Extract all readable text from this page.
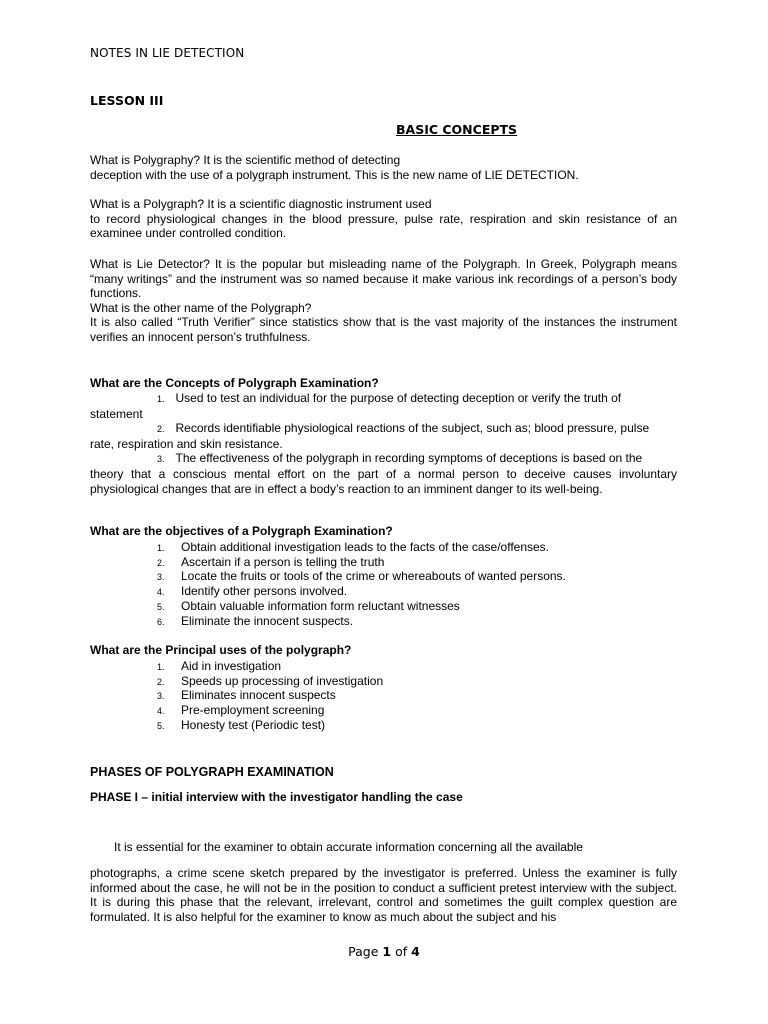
NOTES IN LIE DETECTION
LESSON III
BASIC CONCEPTS

What is Polygraphy? It is the scientific method of detecting

deception with the use of a polygraph instrument. This is the new name of LIE DETECTION.

What is a Polygraph? It is a scientific diagnostic instrument used

to record physiological changes in the blood pressure, pulse rate, respiration and skin resistance of an examinee under controlled condition.

What is Lie Detector? It is the popular but misleading name of the Polygraph. In Greek, Polygraph means “many writings” and the instrument was so named because it make various ink recordings of a person’s body functions.

What is the other name of the Polygraph?

It is also called “Truth Verifier” since statistics show that is the vast majority of the instances the instrument verifies an innocent person’s truthfulness.

What are the Concepts of Polygraph Examination?
1. Used to test an individual for the purpose of detecting deception or verify the truth of
statement
2. Records identifiable physiological reactions of the subject, such as; blood pressure, pulse
rate, respiration and skin resistance.
3. The effectiveness of the polygraph in recording symptoms of deceptions is based on the
theory that a conscious mental effort on the part of a normal person to deceive causes involuntary physiological changes that are in effect a body’s reaction to an imminent danger to its well-being.
What are the objectives of a Polygraph Examination?
1. Obtain additional investigation leads to the facts of the case/offenses.
2. Ascertain if a person is telling the truth
3. Locate the fruits or tools of the crime or whereabouts of wanted persons.
4. Identify other persons involved.
5. Obtain valuable information form reluctant witnesses
6. Eliminate the innocent suspects.
What are the Principal uses of the polygraph?
1. Aid in investigation
2. Speeds up processing of investigation
3. Eliminates innocent suspects
4. Pre-employment screening
5. Honesty test (Periodic test)
PHASES OF POLYGRAPH EXAMINATION
PHASE I – initial interview with the investigator handling the case
It is essential for the examiner to obtain accurate information concerning all the available
photographs, a crime scene sketch prepared by the investigator is preferred. Unless the examiner is fully informed about the case, he will not be in the position to conduct a sufficient pretest interview with the subject. It is during this phase that the relevant, irrelevant, control and sometimes the guilt complex question are formulated. It is also helpful for the examiner to know as much about the subject and his
Page 1 of 4
